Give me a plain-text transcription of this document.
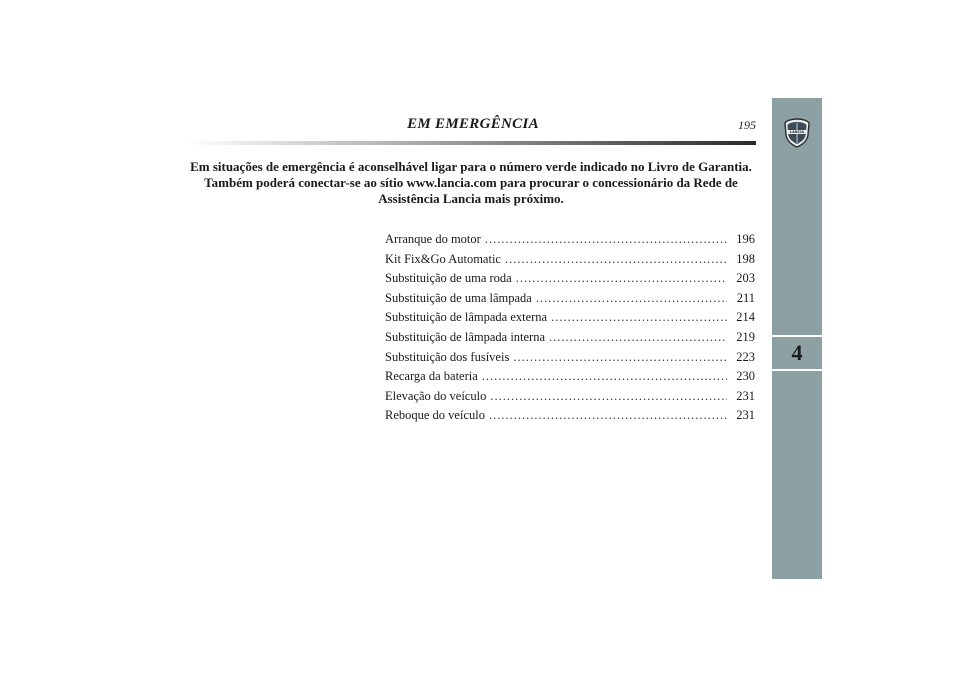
EM EMERGÊNCIA	195

Em situações de emergência é aconselhável ligar para o número verde indicado no Livro de Garantia. Também poderá conectar-se ao sítio www.lancia.com para procurar o concessionário da Rede de Assistência Lancia mais próximo.

Arranque do motor .....	196
Kit Fix&Go Automatic .....	198
Substituição de uma roda .....	203
Substituição de uma lâmpada .....	211
Substituição de lâmpada externa .....	214
Substituição de lâmpada interna .....	219
Substituição dos fusíveis .....	223
Recarga da bateria .....	230
Elevação do veículo .....	231
Reboque do veículo .....	231
LANCIA
4
